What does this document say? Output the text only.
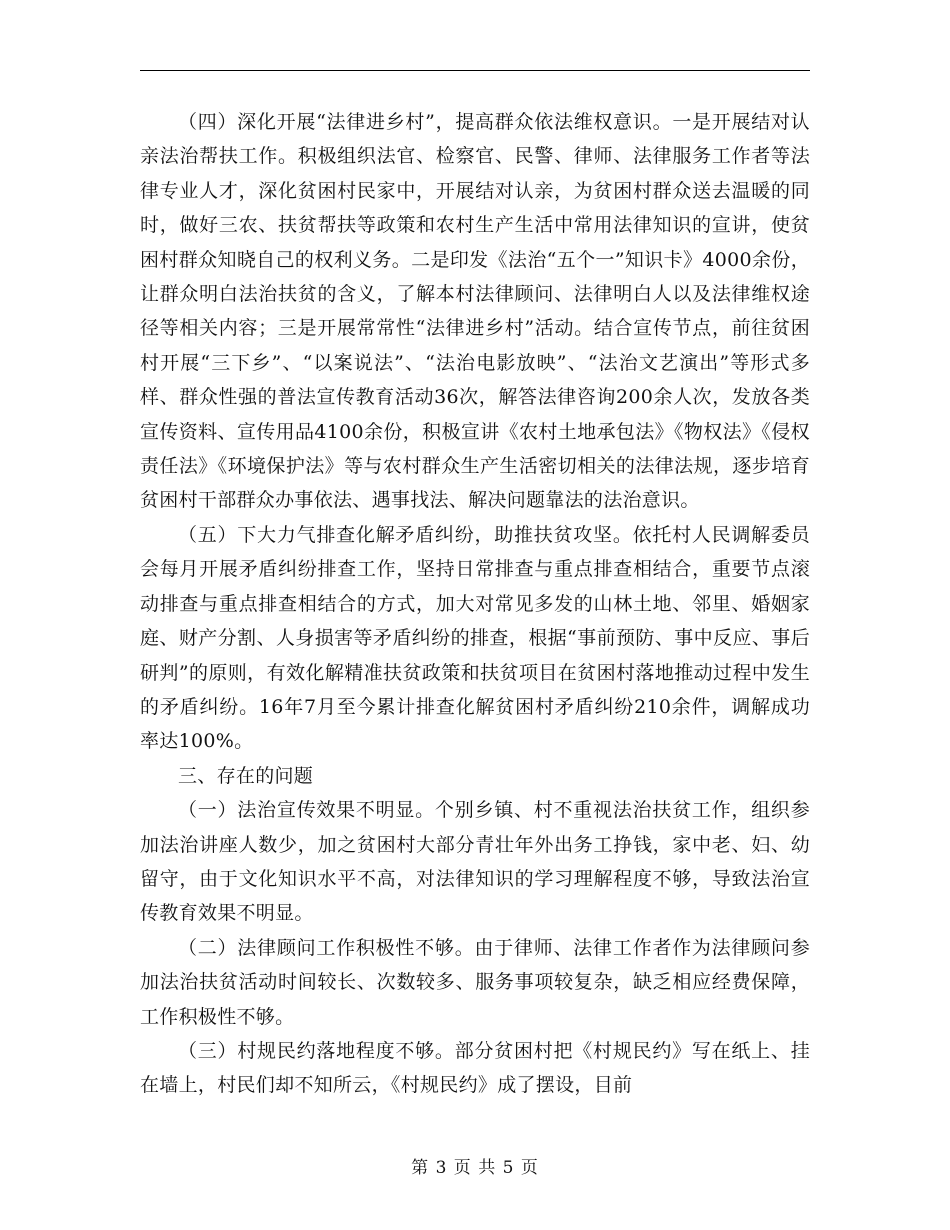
（四）深化开展“法律进乡村”，提高群众依法维权意识。一是开展结对认亲法治帮扶工作。积极组织法官、检察官、民警、律师、法律服务工作者等法律专业人才，深化贫困村民家中，开展结对认亲，为贫困村群众送去温暖的同时，做好三农、扶贫帮扶等政策和农村生产生活中常用法律知识的宣讲，使贫困村群众知晓自己的权利义务。二是印发《法治“五个一”知识卡》4000余份，让群众明白法治扶贫的含义，了解本村法律顾问、法律明白人以及法律维权途径等相关内容；三是开展常常性“法律进乡村”活动。结合宣传节点，前往贫困村开展“三下乡”、“以案说法”、“法治电影放映”、“法治文艺演出”等形式多样、群众性强的普法宣传教育活动36次，解答法律咨询200余人次，发放各类宣传资料、宣传用品4100余份，积极宣讲《农村土地承包法》《物权法》《侵权责任法》《环境保护法》等与农村群众生产生活密切相关的法律法规，逐步培育贫困村干部群众办事依法、遇事找法、解决问题靠法的法治意识。

（五）下大力气排查化解矛盾纠纷，助推扶贫攻坚。依托村人民调解委员会每月开展矛盾纠纷排查工作，坚持日常排查与重点排查相结合，重要节点滚动排查与重点排查相结合的方式，加大对常见多发的山林土地、邻里、婚姻家庭、财产分割、人身损害等矛盾纠纷的排查，根据“事前预防、事中反应、事后研判”的原则，有效化解精准扶贫政策和扶贫项目在贫困村落地推动过程中发生的矛盾纠纷。16年7月至今累计排查化解贫困村矛盾纠纷210余件，调解成功率达100%。

三、存在的问题

（一）法治宣传效果不明显。个别乡镇、村不重视法治扶贫工作，组织参加法治讲座人数少，加之贫困村大部分青壮年外出务工挣钱，家中老、妇、幼留守，由于文化知识水平不高，对法律知识的学习理解程度不够，导致法治宣传教育效果不明显。

（二）法律顾问工作积极性不够。由于律师、法律工作者作为法律顾问参加法治扶贫活动时间较长、次数较多、服务事项较复杂，缺乏相应经费保障，工作积极性不够。

（三）村规民约落地程度不够。部分贫困村把《村规民约》写在纸上、挂在墙上，村民们却不知所云，《村规民约》成了摆设，目前

第 3 页 共 5 页
